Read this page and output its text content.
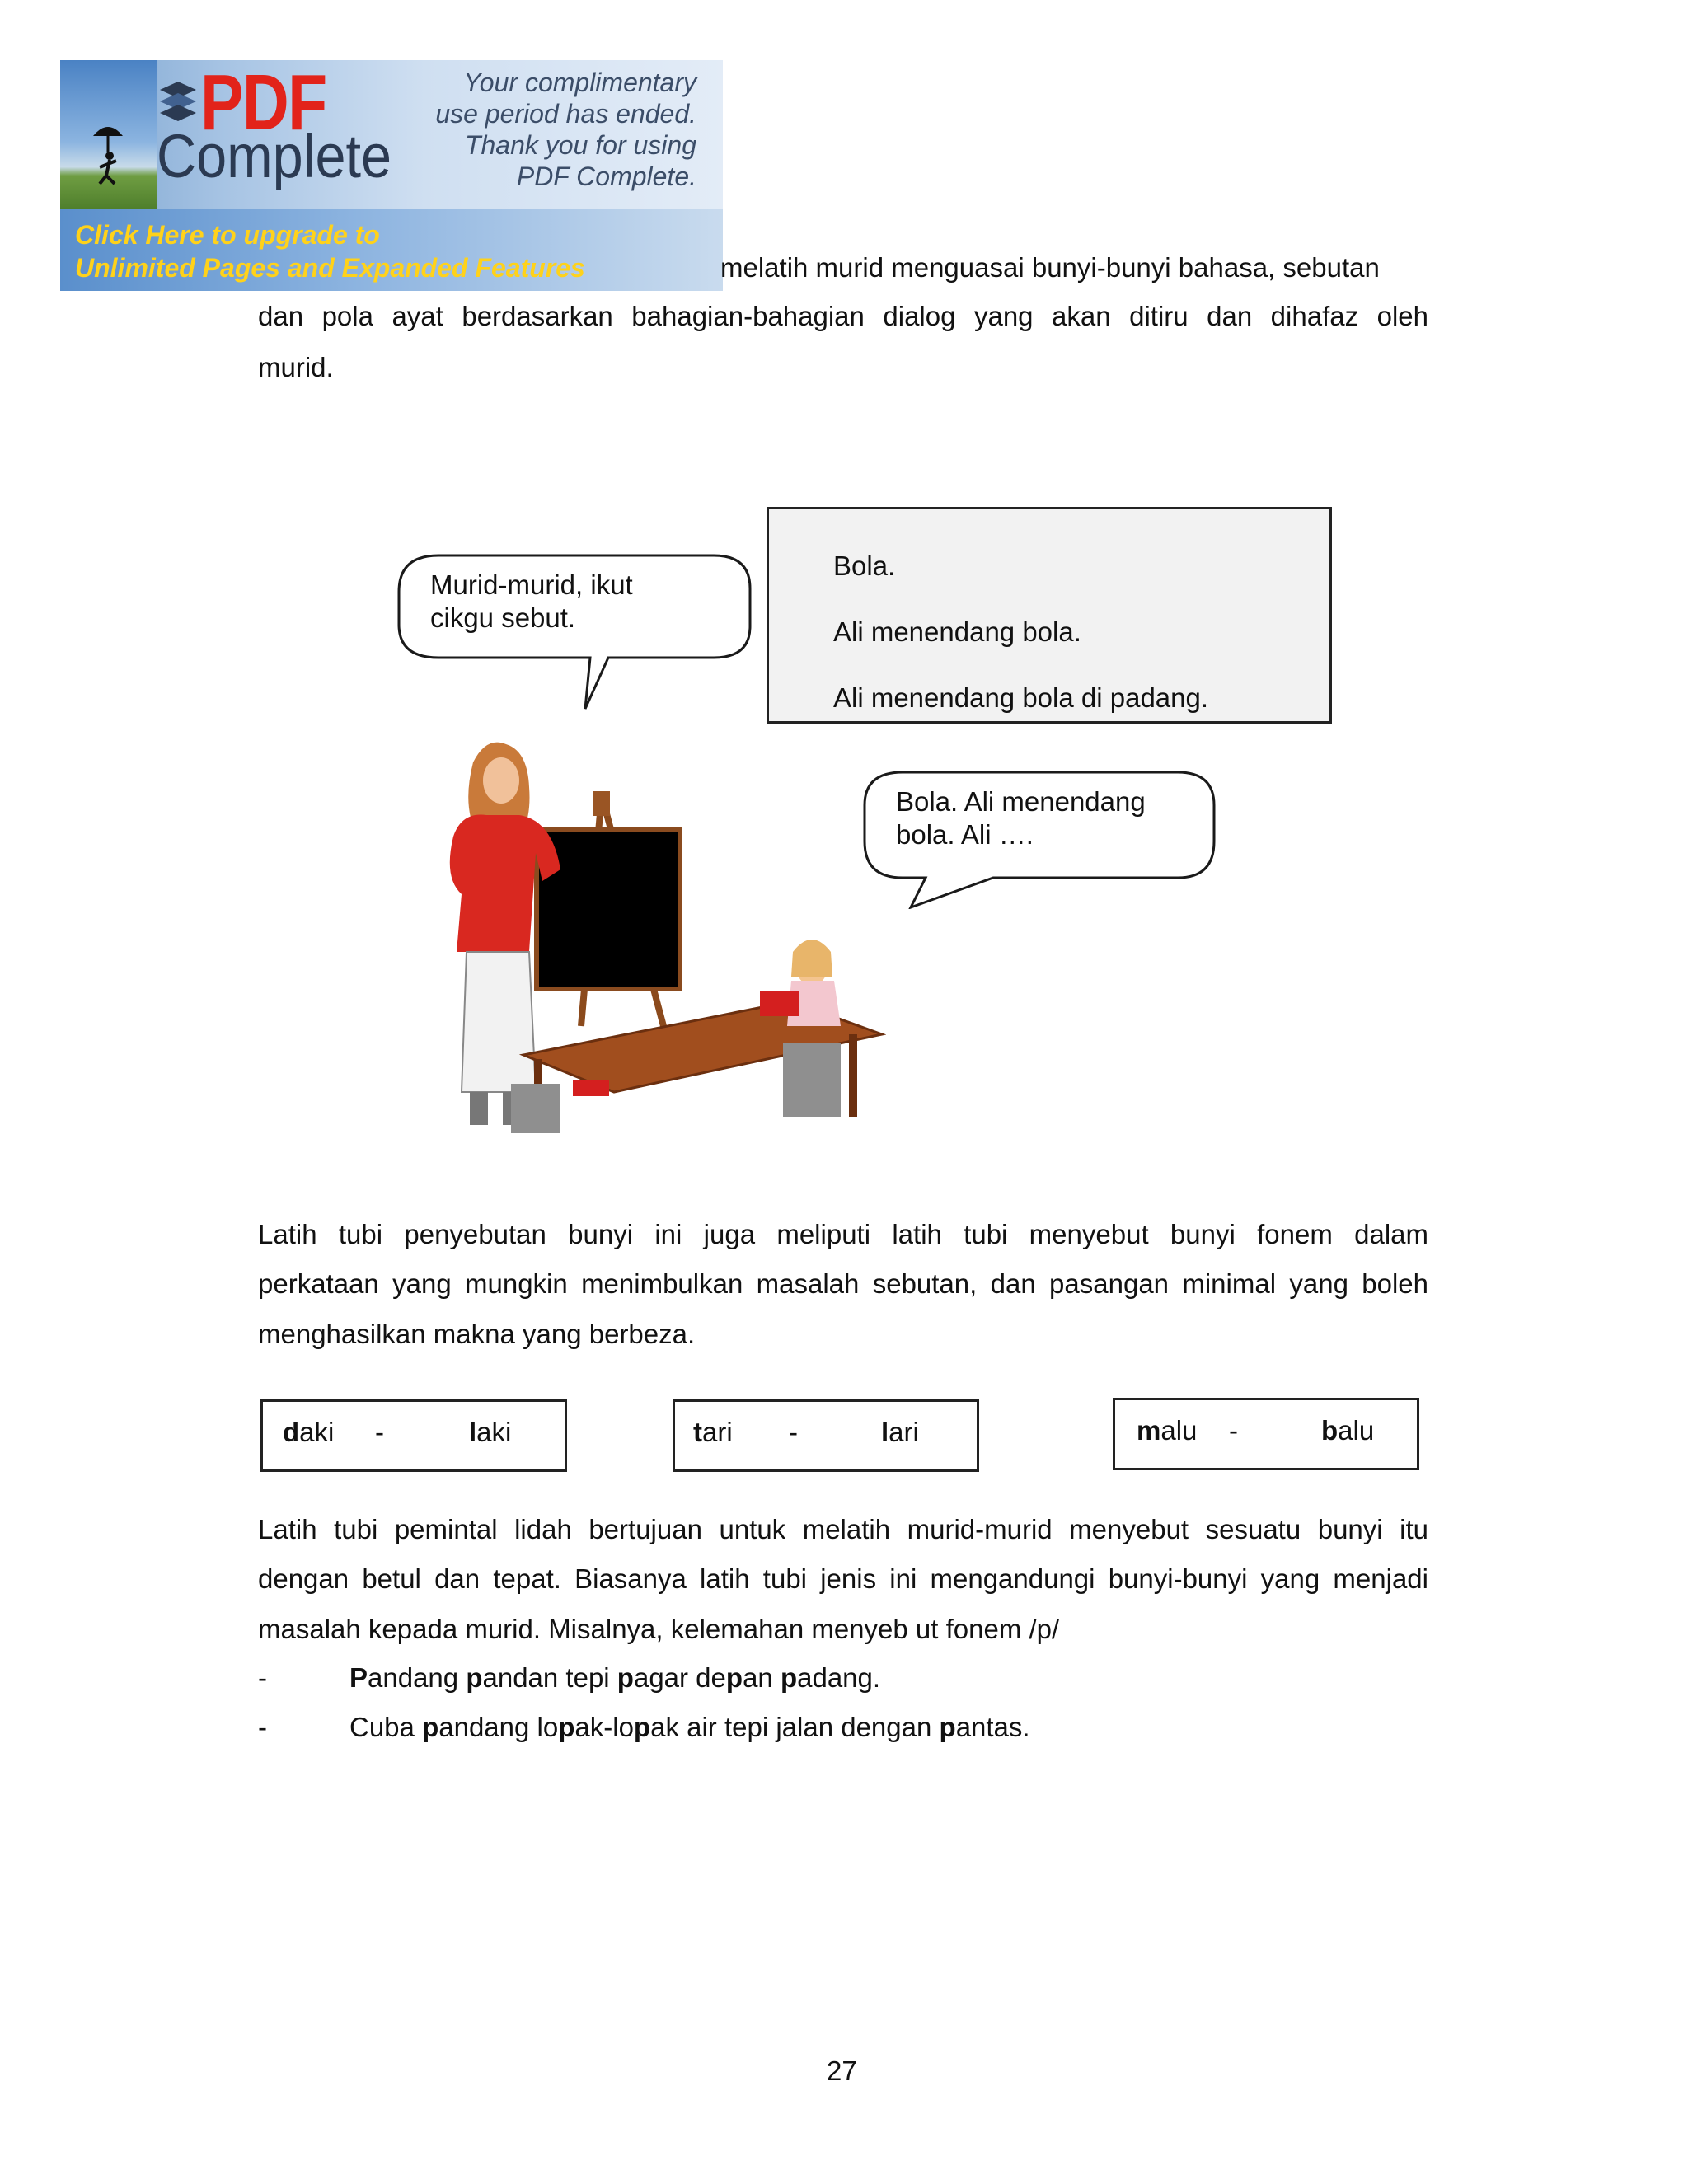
PDF
Complete
Your complimentary
use period has ended.
Thank you for using
PDF Complete.
Click Here to upgrade to
Unlimited Pages and Expanded Features	melatih murid menguasai bunyi-bunyi bahasa, sebutan
dan pola ayat berdasarkan bahagian-bahagian dialog yang akan ditiru dan dihafaz oleh
murid.
Murid-murid, ikut
cikgu sebut.
Bola.
Ali menendang bola.
Ali menendang bola di padang.
Bola. Ali menendang
bola. Ali ….
Latih tubi penyebutan bunyi ini juga meliputi latih tubi menyebut bunyi fonem dalam
perkataan yang mungkin menimbulkan masalah sebutan, dan pasangan minimal yang boleh
menghasilkan makna yang berbeza.
daki -	laki	tari -	lari	malu -	balu
Latih tubi pemintal lidah bertujuan untuk melatih murid-murid menyebut sesuatu bunyi itu
dengan betul dan tepat. Biasanya latih tubi jenis ini mengandungi bunyi-bunyi yang menjadi
masalah kepada murid. Misalnya, kelemahan menyeb ut fonem /p/
-	Pandang pandan tepi pagar depan padang.
-	Cuba pandang lopak-lopak air tepi jalan dengan pantas.
27
